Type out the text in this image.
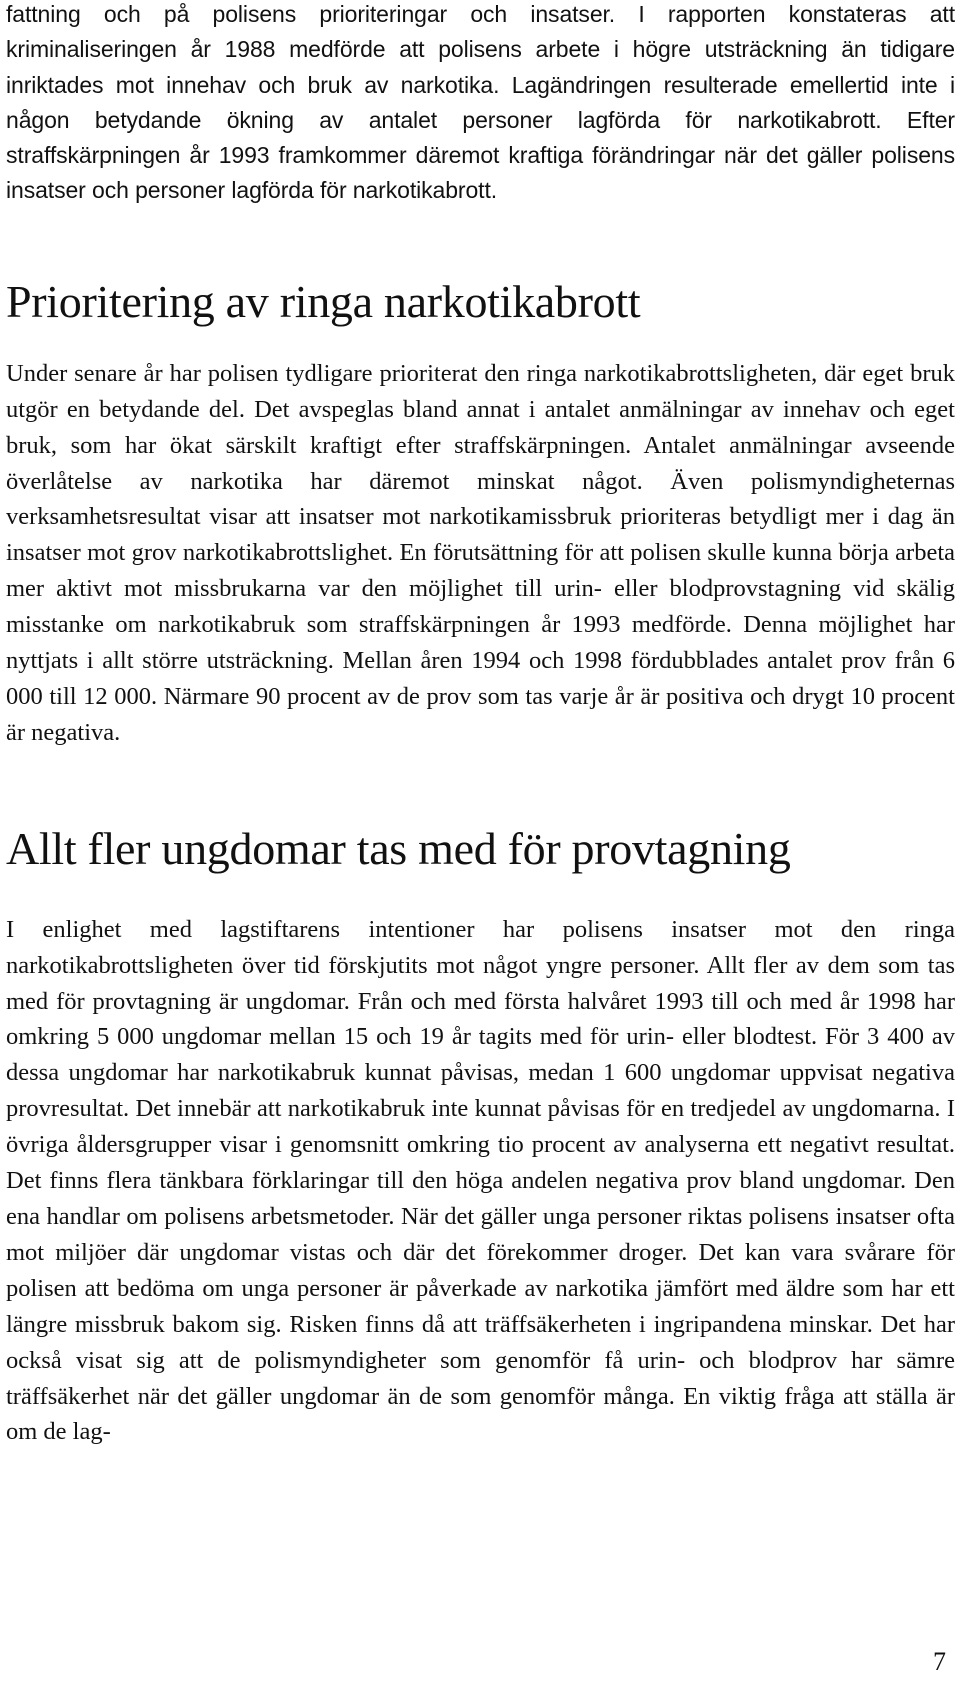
fattning och på polisens prioriteringar och insatser. I rapporten konstateras att kriminaliseringen år 1988 medförde att polisens arbete i högre utsträckning än tidigare inriktades mot innehav och bruk av narkotika. Lagändringen resulterade emellertid inte i någon betydande ökning av antalet personer lagförda för narkotikabrott. Efter straffskärpningen år 1993 framkommer däremot kraftiga förändringar när det gäller polisens insatser och personer lagförda för narkotikabrott.

Prioritering av ringa narkotikabrott

Under senare år har polisen tydligare prioriterat den ringa narkotikabrottsligheten, där eget bruk utgör en betydande del. Det avspeglas bland annat i antalet anmälningar av innehav och eget bruk, som har ökat särskilt kraftigt efter straffskärpningen. Antalet anmälningar avseende överlåtelse av narkotika har däremot minskat något. Även polismyndigheternas verksamhetsresultat visar att insatser mot narkotikamissbruk prioriteras betydligt mer i dag än insatser mot grov narkotikabrottslighet. En förutsättning för att polisen skulle kunna börja arbeta mer aktivt mot missbrukarna var den möjlighet till urin- eller blodprovstagning vid skälig misstanke om narkotikabruk som straffskärpningen år 1993 medförde. Denna möjlighet har nyttjats i allt större utsträckning. Mellan åren 1994 och 1998 fördubblades antalet prov från 6 000 till 12 000. Närmare 90 procent av de prov som tas varje år är positiva och drygt 10 procent är negativa.

Allt fler ungdomar tas med för provtagning

I enlighet med lagstiftarens intentioner har polisens insatser mot den ringa narkotikabrottsligheten över tid förskjutits mot något yngre personer. Allt fler av dem som tas med för provtagning är ungdomar. Från och med första halvåret 1993 till och med år 1998 har omkring 5 000 ungdomar mellan 15 och 19 år tagits med för urin- eller blodtest. För 3 400 av dessa ungdomar har narkotikabruk kunnat påvisas, medan 1 600 ungdomar uppvisat negativa provresultat. Det innebär att narkotikabruk inte kunnat påvisas för en tredjedel av ungdomarna. I övriga åldersgrupper visar i genomsnitt omkring tio procent av analyserna ett negativt resultat. Det finns flera tänkbara förklaringar till den höga andelen negativa prov bland ungdomar. Den ena handlar om polisens arbetsmetoder. När det gäller unga personer riktas polisens insatser ofta mot miljöer där ungdomar vistas och där det förekommer droger. Det kan vara svårare för polisen att bedöma om unga personer är påverkade av narkotika jämfört med äldre som har ett längre missbruk bakom sig. Risken finns då att träffsäkerheten i ingripandena minskar. Det har också visat sig att de polismyndigheter som genomför få urin- och blodprov har sämre träffsäkerhet när det gäller ungdomar än de som genomför många. En viktig fråga att ställa är om de lag-

7
